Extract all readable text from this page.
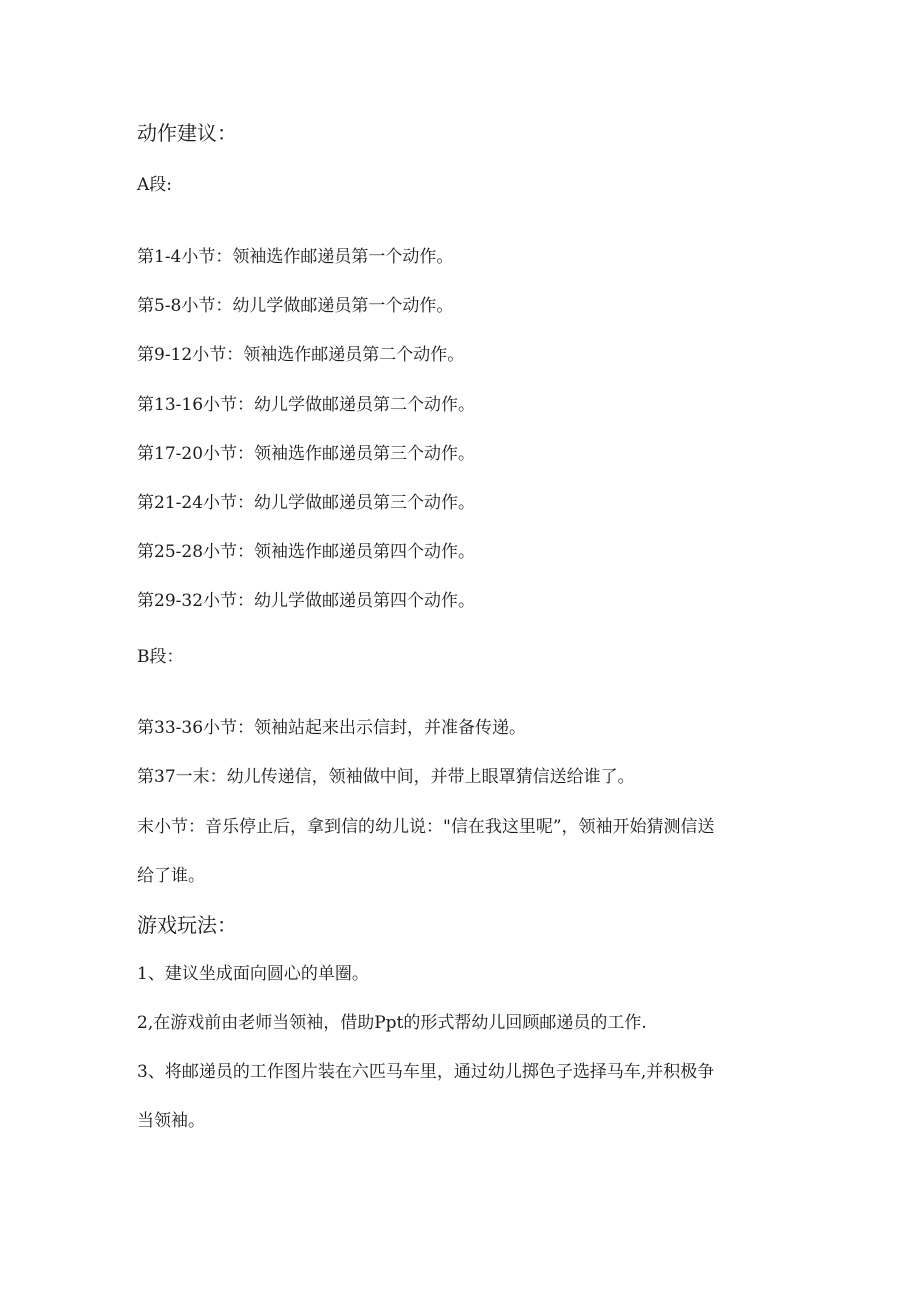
动作建议：
A段:
第1-4小节：领袖选作邮递员第一个动作。
第5-8小节：幼儿学做邮递员第一个动作。
第9-12小节：领袖选作邮递员第二个动作。
第13-16小节：幼儿学做邮递员第二个动作。
第17-20小节：领袖选作邮递员第三个动作。
第21-24小节：幼儿学做邮递员第三个动作。
第25-28小节：领袖选作邮递员第四个动作。
第29-32小节：幼儿学做邮递员第四个动作。
B段：
第33-36小节：领袖站起来出示信封，并准备传递。
第37一末：幼儿传递信，领袖做中间，并带上眼罩猜信送给谁了。
末小节：音乐停止后，拿到信的幼儿说："信在我这里呢”，领袖开始猜测信送
给了谁。
游戏玩法：
1、建议坐成面向圆心的单圈。
2,在游戏前由老师当领袖，借助Ppt的形式帮幼儿回顾邮递员的工作.
3、将邮递员的工作图片装在六匹马车里，通过幼儿掷色子选择马车,并积极争
当领袖。
